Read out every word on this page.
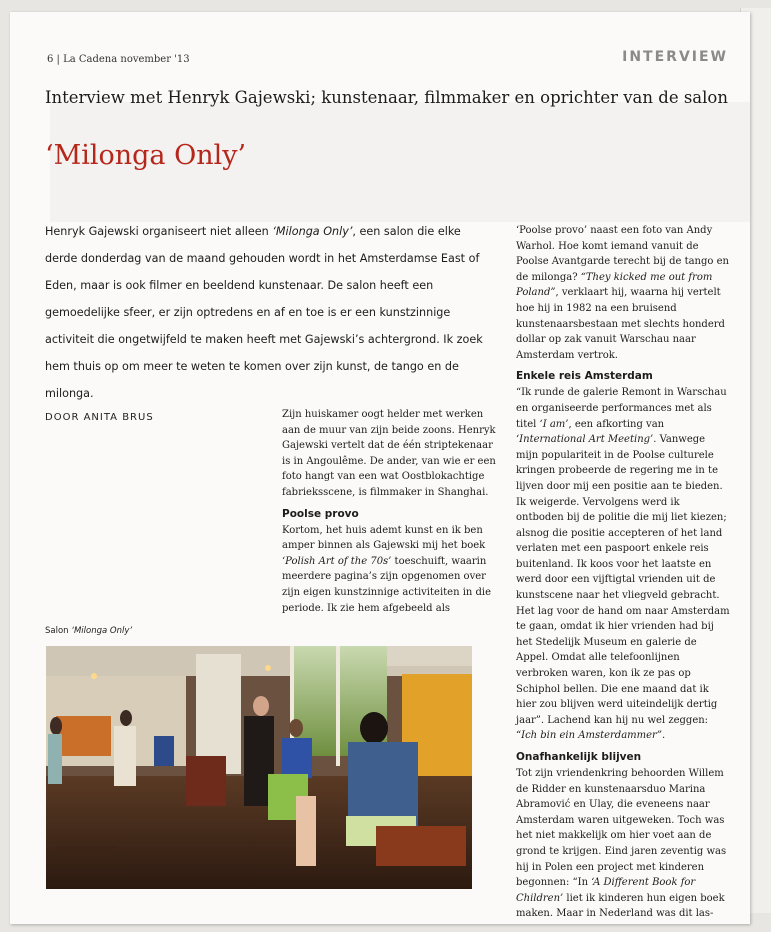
6 | La Cadena november '13	INTERVIEW
Interview met Henryk Gajewski; kunstenaar, filmmaker en oprichter van de salon
‘Milonga Only’
Henryk Gajewski organiseert niet alleen ‘Milonga Only’, een salon die elke derde donderdag van de maand gehouden wordt in het Amsterdamse East of Eden, maar is ook filmer en beeldend kunstenaar. De salon heeft een gemoedelijke sfeer, er zijn optredens en af en toe is er een kunstzinnige activiteit die ongetwijfeld te maken heeft met Gajewski’s achtergrond. Ik zoek hem thuis op om meer te weten te komen over zijn kunst, de tango en de milonga.
DOOR ANITA BRUS	Zijn huiskamer oogt helder met werken aan de muur van zijn beide zoons. Henryk Gajewski vertelt dat de één striptekenaar is in Angoulême. De ander, van wie er een foto hangt van een wat Oostblokachtige fabrieksscene, is filmmaker in Shanghai.

Poolse provo

Kortom, het huis ademt kunst en ik ben amper binnen als Gajewski mij het boek ‘Polish Art of the 70s’ toeschuift, waarin meerdere pagina’s zijn opgenomen over zijn eigen kunstzinnige activiteiten in die periode. Ik zie hem afgebeeld als

‘Poolse provo’ naast een foto van Andy Warhol. Hoe komt iemand vanuit de Poolse Avantgarde terecht bij de tango en de milonga? “They kicked me out from Poland”, verklaart hij, waarna hij vertelt hoe hij in 1982 na een bruisend kunstenaarsbestaan met slechts honderd dollar op zak vanuit Warschau naar Amsterdam vertrok.

Enkele reis Amsterdam

“Ik runde de galerie Remont in Warschau en organiseerde performances met als titel ‘I am’, een afkorting van ‘International Art Meeting’. Vanwege mijn populariteit in de Poolse culturele kringen probeerde de regering me in te lijven door mij een positie aan te bieden. Ik weigerde. Vervolgens werd ik ontboden bij de politie die mij liet kiezen; alsnog die positie accepteren of het land verlaten met een paspoort enkele reis buitenland. Ik koos voor het laatste en werd door een vijftigtal vrienden uit de kunstscene naar het vliegveld gebracht. Het lag voor de hand om naar Amsterdam te gaan, omdat ik hier vrienden had bij het Stedelijk Museum en galerie de Appel. Omdat alle telefoonlijnen verbroken waren, kon ik ze pas op Schiphol bellen. Die ene maand dat ik hier zou blijven werd uiteindelijk dertig jaar”. Lachend kan hij nu wel zeggen: “Ich bin ein Amsterdammer”.

Onafhankelijk blijven

Tot zijn vriendenkring behoorden Willem de Ridder en kunstenaarsduo Marina Abramović en Ulay, die eveneens naar Amsterdam waren uitgeweken. Toch was het niet makkelijk om hier voet aan de grond te krijgen. Eind jaren zeventig was hij in Polen een project met kinderen begonnen: “In ‘A Different Book for Children’ liet ik kinderen hun eigen boek maken. Maar in Nederland was dit las-

Salon ‘Milonga Only’
